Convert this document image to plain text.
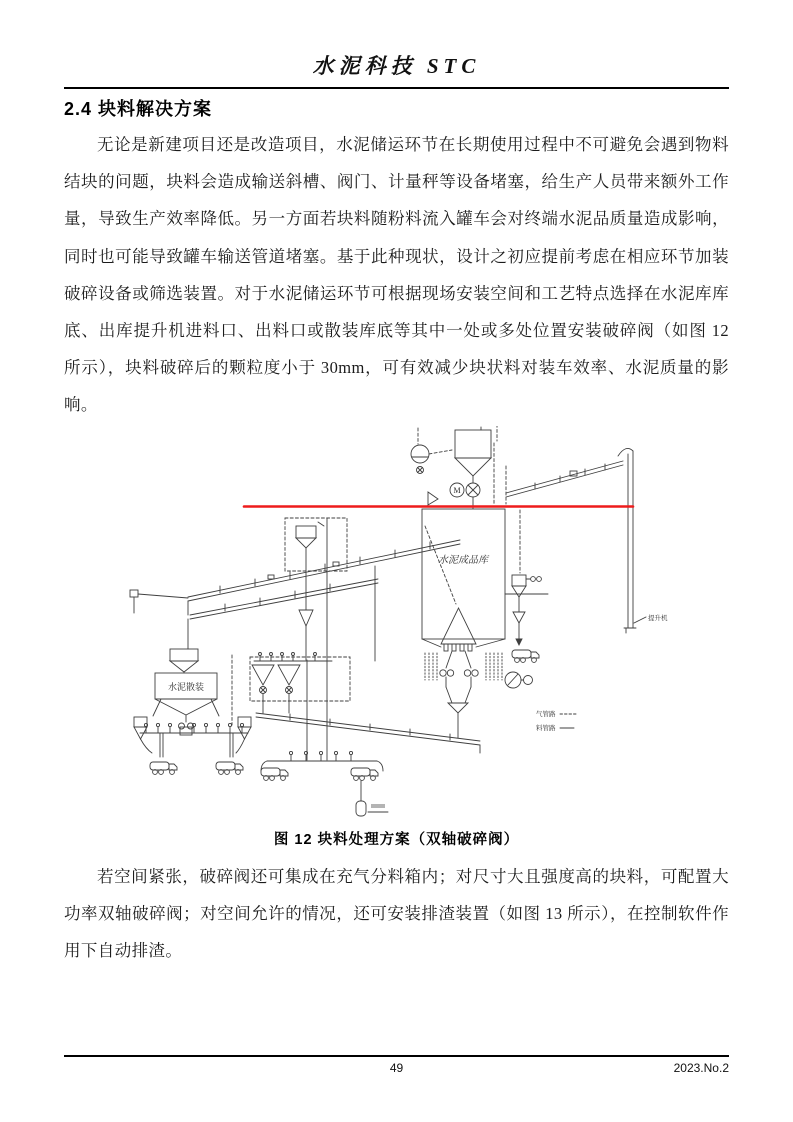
水泥科技 STC
2.4 块料解决方案

无论是新建项目还是改造项目，水泥储运环节在长期使用过程中不可避免会遇到物料结块的问题，块料会造成输送斜槽、阀门、计量秤等设备堵塞，给生产人员带来额外工作量，导致生产效率降低。另一方面若块料随粉料流入罐车会对终端水泥品质量造成影响，同时也可能导致罐车输送管道堵塞。基于此种现状，设计之初应提前考虑在相应环节加装破碎设备或筛选装置。对于水泥储运环节可根据现场安装空间和工艺特点选择在水泥库库底、出库提升机进料口、出料口或散装库底等其中一处或多处位置安装破碎阀（如图 12 所示），块料破碎后的颗粒度小于 30mm，可有效减少块状料对装车效率、水泥质量的影响。

M
提升机
水泥成品库
水泥散装
气管路
料管路
图 12 块料处理方案（双轴破碎阀）

若空间紧张，破碎阀还可集成在充气分料箱内；对尺寸大且强度高的块料，可配置大功率双轴破碎阀；对空间允许的情况，还可安装排渣装置（如图 13 所示），在控制软件作用下自动排渣。

49	2023.No.2
